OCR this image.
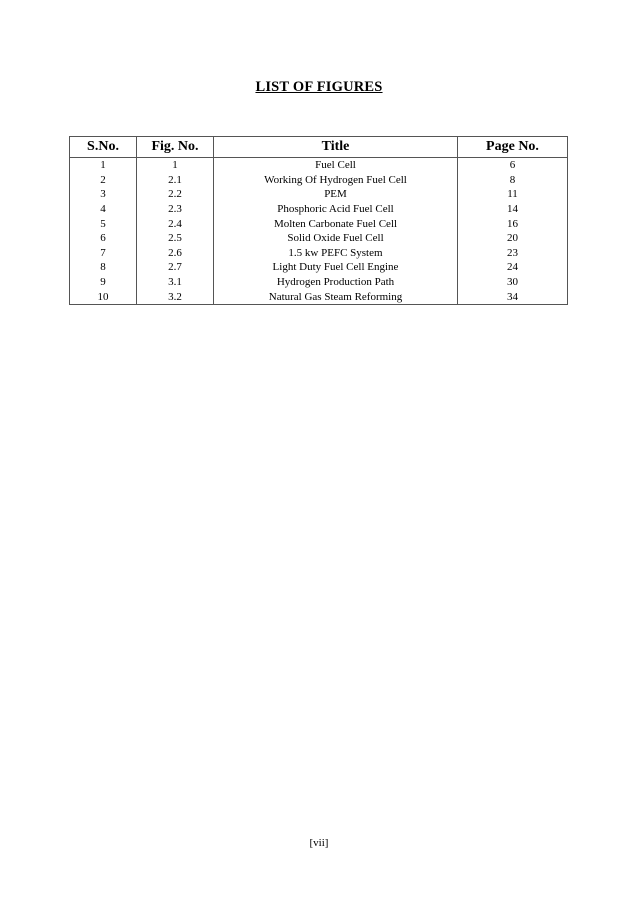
LIST OF FIGURES
S.No.	Fig. No.	Title	Page No.
1	1	Fuel Cell	6
2	2.1	Working Of Hydrogen Fuel Cell	8
3	2.2	PEM	11
4	2.3	Phosphoric Acid Fuel Cell	14
5	2.4	Molten Carbonate Fuel Cell	16
6	2.5	Solid Oxide Fuel Cell	20
7	2.6	1.5 kw PEFC System	23
8	2.7	Light Duty Fuel Cell Engine	24
9	3.1	Hydrogen Production Path	30
10	3.2	Natural Gas Steam Reforming	34
[vii]
